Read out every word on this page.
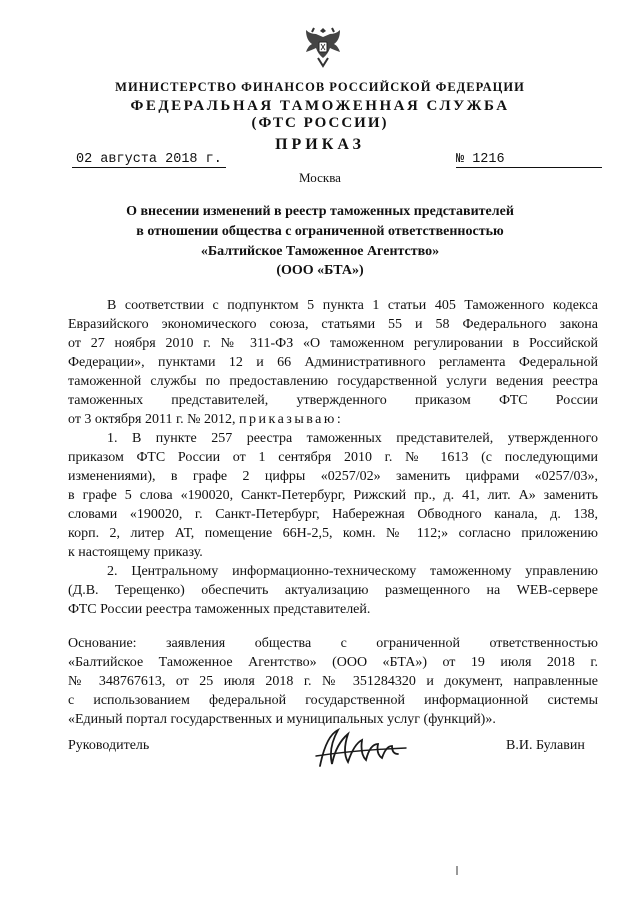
МИНИСТЕРСТВО ФИНАНСОВ РОССИЙСКОЙ ФЕДЕРАЦИИ
ФЕДЕРАЛЬНАЯ ТАМОЖЕННАЯ СЛУЖБА
(ФТС РОССИИ)
ПРИКАЗ
02 августа 2018 г.	№ 1216
Москва
О внесении изменений в реестр таможенных представителей
в отношении общества с ограниченной ответственностью
«Балтийское Таможенное Агентство»
(ООО «БТА»)
В соответствии с подпунктом 5 пункта 1 статьи 405 Таможенного кодекса
Евразийского экономического союза, статьями 55 и 58 Федерального закона
от 27 ноября 2010 г. № 311-ФЗ «О таможенном регулировании в Российской
Федерации», пунктами 12 и 66 Административного регламента Федеральной
таможенной службы по предоставлению государственной услуги ведения реестра
таможенных представителей, утвержденного приказом ФТС России
от 3 октября 2011 г. № 2012, приказываю:
1. В пункте 257 реестра таможенных представителей, утвержденного
приказом ФТС России от 1 сентября 2010 г. № 1613 (с последующими
изменениями), в графе 2 цифры «0257/02» заменить цифрами «0257/03»,
в графе 5 слова «190020, Санкт-Петербург, Рижский пр., д. 41, лит. А» заменить
словами «190020, г. Санкт-Петербург, Набережная Обводного канала, д. 138,
корп. 2, литер АТ, помещение 66Н-2,5, комн. № 112;» согласно приложению
к настоящему приказу.
2. Центральному информационно-техническому таможенному управлению
(Д.В. Терещенко) обеспечить актуализацию размещенного на WEB-сервере
ФТС России реестра таможенных представителей.
Основание: заявления общества с ограниченной ответственностью
«Балтийское Таможенное Агентство» (ООО «БТА») от 19 июля 2018 г.
№ 348767613, от 25 июля 2018 г. № 351284320 и документ, направленные
с использованием федеральной государственной информационной системы
«Единый портал государственных и муниципальных услуг (функций)».
Руководитель	В.И. Булавин
